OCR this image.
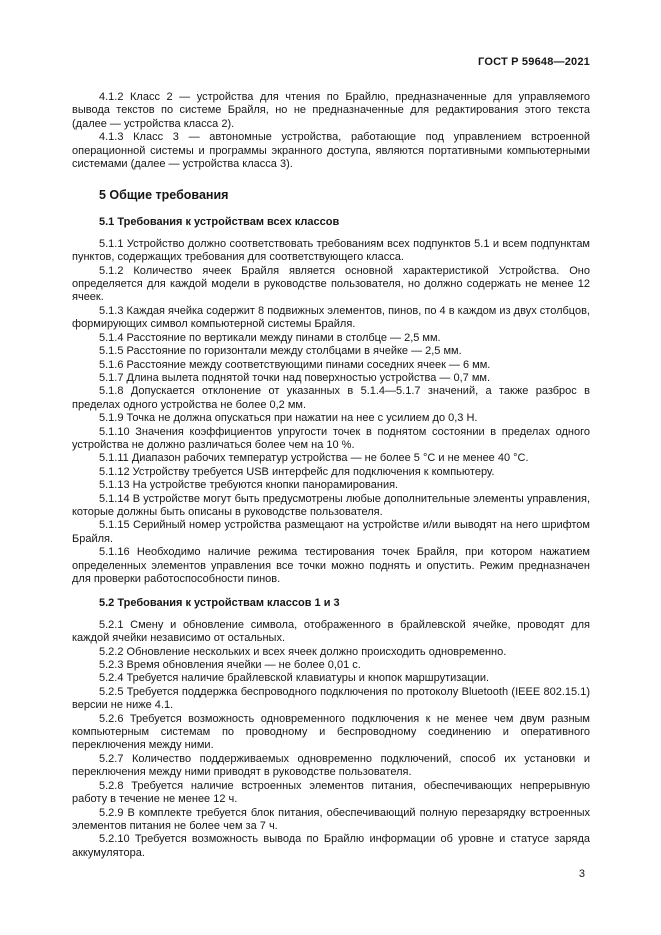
ГОСТ Р 59648—2021

4.1.2 Класс 2 — устройства для чтения по Брайлю, предназначенные для управляемого вывода текстов по системе Брайля, но не предназначенные для редактирования этого текста (далее — устройства класса 2).

4.1.3 Класс 3 — автономные устройства, работающие под управлением встроенной операционной системы и программы экранного доступа, являются портативными компьютерными системами (далее — устройства класса 3).

5 Общие требования
5.1 Требования к устройствам всех классов

5.1.1 Устройство должно соответствовать требованиям всех подпунктов 5.1 и всем подпунктам пунктов, содержащих требования для соответствующего класса.

5.1.2 Количество ячеек Брайля является основной характеристикой Устройства. Оно определяется для каждой модели в руководстве пользователя, но должно содержать не менее 12 ячеек.

5.1.3 Каждая ячейка содержит 8 подвижных элементов, пинов, по 4 в каждом из двух столбцов, формирующих символ компьютерной системы Брайля.

5.1.4 Расстояние по вертикали между пинами в столбце — 2,5 мм.

5.1.5 Расстояние по горизонтали между столбцами в ячейке — 2,5 мм.

5.1.6 Расстояние между соответствующими пинами соседних ячеек — 6 мм.

5.1.7 Длина вылета поднятой точки над поверхностью устройства — 0,7 мм.

5.1.8 Допускается отклонение от указанных в 5.1.4—5.1.7 значений, а также разброс в пределах одного устройства не более 0,2 мм.

5.1.9 Точка не должна опускаться при нажатии на нее с усилием до 0,3 Н.

5.1.10 Значения коэффициентов упругости точек в поднятом состоянии в пределах одного устройства не должно различаться более чем на 10 %.

5.1.11 Диапазон рабочих температур устройства — не более 5 °С и не менее 40 °С.

5.1.12 Устройству требуется USB интерфейс для подключения к компьютеру.

5.1.13 На устройстве требуются кнопки панорамирования.

5.1.14 В устройстве могут быть предусмотрены любые дополнительные элементы управления, которые должны быть описаны в руководстве пользователя.

5.1.15 Серийный номер устройства размещают на устройстве и/или выводят на него шрифтом Брайля.

5.1.16 Необходимо наличие режима тестирования точек Брайля, при котором нажатием определенных элементов управления все точки можно поднять и опустить. Режим предназначен для проверки работоспособности пинов.

5.2 Требования к устройствам классов 1 и 3

5.2.1 Смену и обновление символа, отображенного в брайлевской ячейке, проводят для каждой ячейки независимо от остальных.

5.2.2 Обновление нескольких и всех ячеек должно происходить одновременно.

5.2.3 Время обновления ячейки — не более 0,01 с.

5.2.4 Требуется наличие брайлевской клавиатуры и кнопок маршрутизации.

5.2.5 Требуется поддержка беспроводного подключения по протоколу Bluetooth (IEEE 802.15.1) версии не ниже 4.1.

5.2.6 Требуется возможность одновременного подключения к не менее чем двум разным компьютерным системам по проводному и беспроводному соединению и оперативного переключения между ними.

5.2.7 Количество поддерживаемых одновременно подключений, способ их установки и переключения между ними приводят в руководстве пользователя.

5.2.8 Требуется наличие встроенных элементов питания, обеспечивающих непрерывную работу в течение не менее 12 ч.

5.2.9 В комплекте требуется блок питания, обеспечивающий полную перезарядку встроенных элементов питания не более чем за 7 ч.

5.2.10 Требуется возможность вывода по Брайлю информации об уровне и статусе заряда аккумулятора.

3
